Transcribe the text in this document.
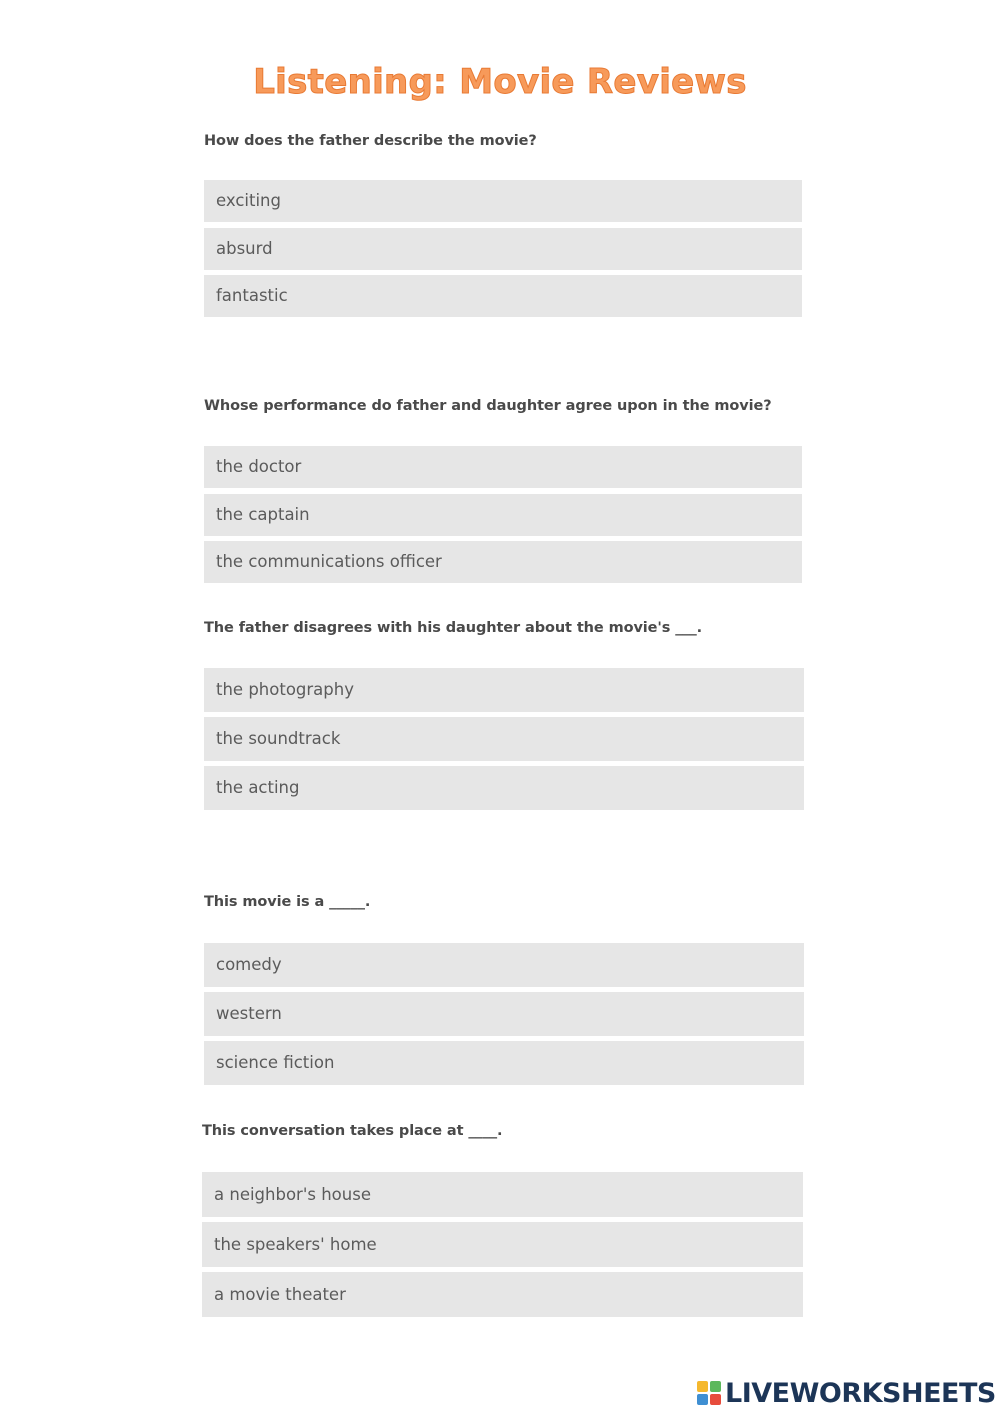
Listening: Movie Reviews
How does the father describe the movie?
exciting
absurd
fantastic
Whose performance do father and daughter agree upon in the movie?
the doctor
the captain
the communications officer
The father disagrees with his daughter about the movie's ___.
the photography
the soundtrack
the acting
This movie is a _____.
comedy
western
science fiction
This conversation takes place at ____.
a neighbor's house
the speakers' home
a movie theater
LIVEWORKSHEETS
